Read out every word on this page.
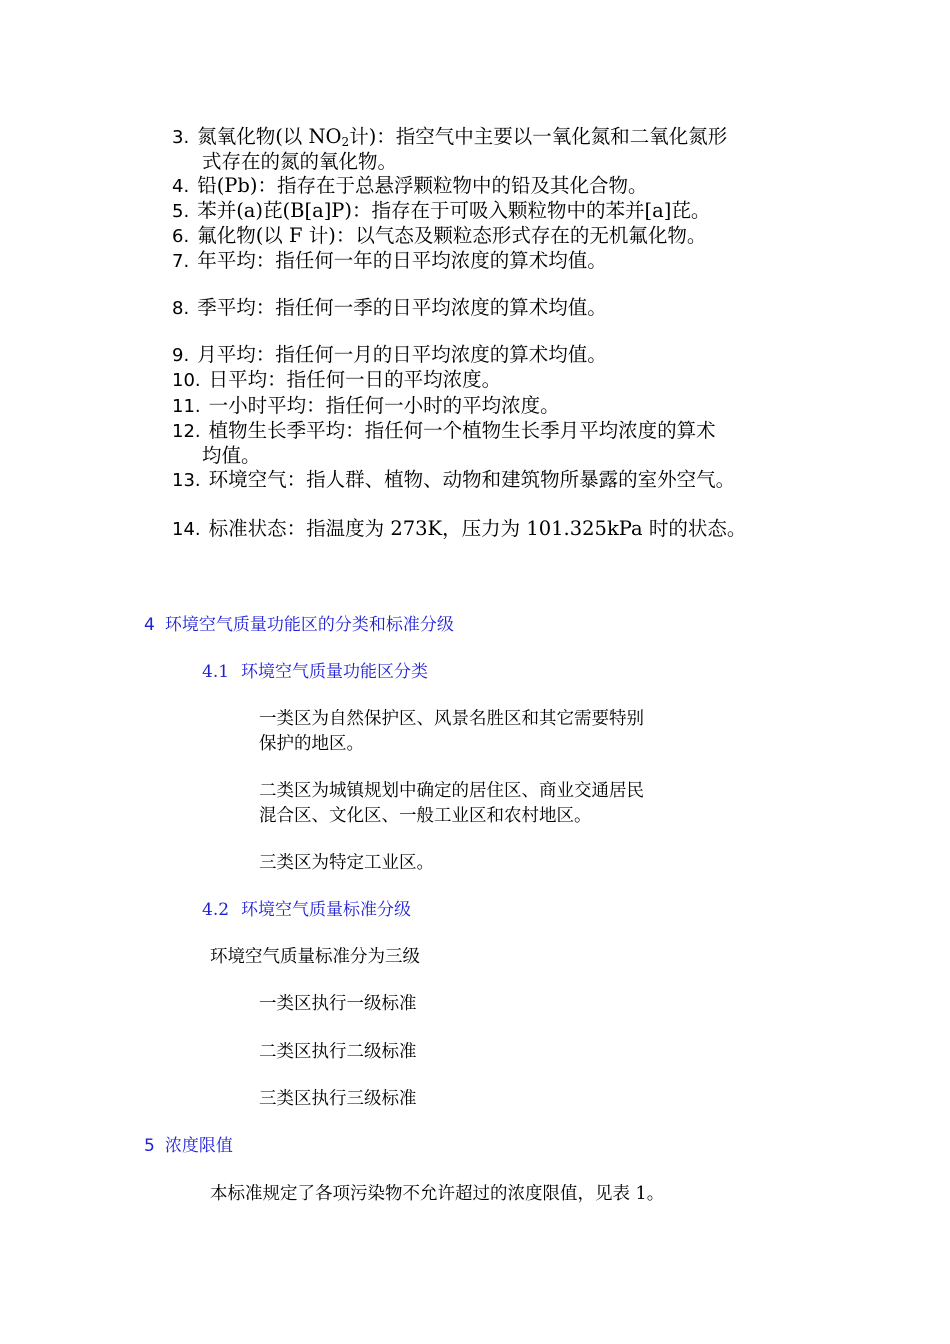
3. 氮氧化物(以 $NO_2$计)：指空气中主要以一氧化氮和二氧化氮形
式存在的氮的氧化物。
4. 铅(Pb)：指存在于总悬浮颗粒物中的铅及其化合物。
5. 苯并(a)芘(B[a]P)：指存在于可吸入颗粒物中的苯并[a]芘。
6. 氟化物(以 F 计)：以气态及颗粒态形式存在的无机氟化物。
7. 年平均：指任何一年的日平均浓度的算术均值。
8. 季平均：指任何一季的日平均浓度的算术均值。
9. 月平均：指任何一月的日平均浓度的算术均值。
10. 日平均：指任何一日的平均浓度。
11. 一小时平均：指任何一小时的平均浓度。
12. 植物生长季平均：指任何一个植物生长季月平均浓度的算术
均值。
13. 环境空气：指人群、植物、动物和建筑物所暴露的室外空气。
14. 标准状态：指温度为 273K，压力为 101.325kPa 时的状态。
4 环境空气质量功能区的分类和标准分级
4.1 环境空气质量功能区分类
一类区为自然保护区、风景名胜区和其它需要特别
保护的地区。
二类区为城镇规划中确定的居住区、商业交通居民
混合区、文化区、一般工业区和农村地区。
三类区为特定工业区。
4.2 环境空气质量标准分级
环境空气质量标准分为三级
一类区执行一级标准
二类区执行二级标准
三类区执行三级标准
5 浓度限值
本标准规定了各项污染物不允许超过的浓度限值，见表 1。
